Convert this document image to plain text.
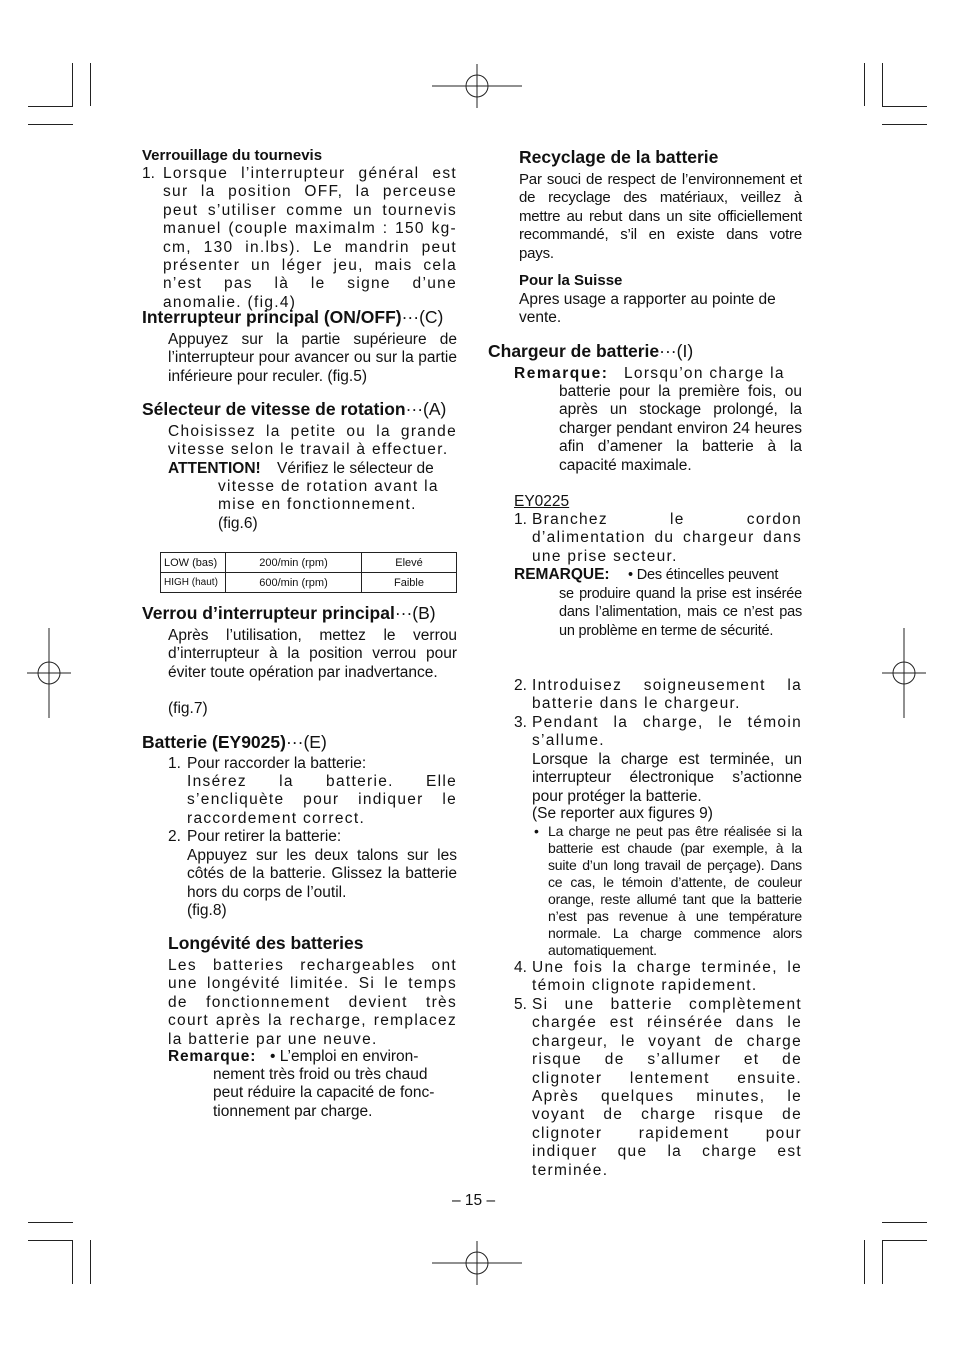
Verrouillage du tournevis
1. Lorsque l’interrupteur général est sur la position OFF, la perceuse peut s’utiliser comme un tournevis manuel (couple maximalm : 150 kg-cm, 130 in.lbs). Le mandrin peut présenter un léger jeu, mais cela n’est pas là le signe d’une anomalie. (fig.4)

Interrupteur principal (ON/OFF)···(C)

Appuyez sur la partie supérieure de l’interrupteur pour avancer ou sur la partie inférieure pour reculer. (fig.5)

Sélecteur de vitesse de rotation···(A)

Choisissez la petite ou la grande vitesse selon le travail à effectuer.

ATTENTION! Vérifiez le sélecteur de

vitesse de rotation avant la
mise en fonctionnement.

(fig.6)
LOW (bas)	200/min (rpm)	Elevé
HIGH (haut)	600/min (rpm)	Faible
Verrou d’interrupteur principal···(B)

Après l’utilisation, mettez le verrou d’interrupteur à la position verrou pour éviter toute opération par inadvertance.

(fig.7)
Batterie (EY9025)···(E)
1. Pour raccorder la batterie:

Insérez la batterie. Elle s’encliquète pour indiquer le raccordement correct.

2. Pour retirer la batterie:

Appuyez sur les deux talons sur les côtés de la batterie. Glissez la batterie hors du corps de l’outil.

(fig.8)
Longévité des batteries

Les batteries rechargeables ont une longévité limitée. Si le temps de fonctionnement devient très court après la recharge, remplacez la batterie par une neuve.

Remarque: • L’emploi en environ-

nement très froid ou très chaud
peut réduire la capacité de fonc-
tionnement par charge.

Recyclage de la batterie

Par souci de respect de l’environnement et de recyclage des matériaux, veillez à mettre au rebut dans un site officiellement recommandé, s’il en existe dans votre pays.

Pour la Suisse

Apres usage a rapporter au pointe de vente.

Chargeur de batterie···(I)
Remarque: Lorsqu’on charge la

batterie pour la première fois, ou après un stockage prolongé, la charger pendant environ 24 heures afin d’amener la batterie à la capacité maximale.

EY0225
1. Branchez le cordon d’alimentation du chargeur dans une prise secteur.

REMARQUE: • Des étincelles peuvent

se produire quand la prise est insérée dans l’alimentation, mais ce n’est pas un problème en terme de sécurité.

2. Introduisez soigneusement la batterie dans le chargeur.

3. Pendant la charge, le témoin s’allume.

Lorsque la charge est terminée, un interrupteur électronique s’actionne pour protéger la batterie.

(Se reporter aux figures 9)
• La charge ne peut pas être réalisée si la batterie est chaude (par exemple, à la suite d’un long travail de perçage). Dans ce cas, le témoin d’attente, de couleur orange, reste allumé tant que la batterie n’est pas revenue à une température normale. La charge commence alors automatiquement.

4. Une fois la charge terminée, le témoin clignote rapidement.

5. Si une batterie complètement chargée est réinsérée dans le chargeur, le voyant de charge risque de s’allumer et de clignoter lentement ensuite. Après quelques minutes, le voyant de charge risque de clignoter rapidement pour indiquer que la charge est terminée.

– 15 –
